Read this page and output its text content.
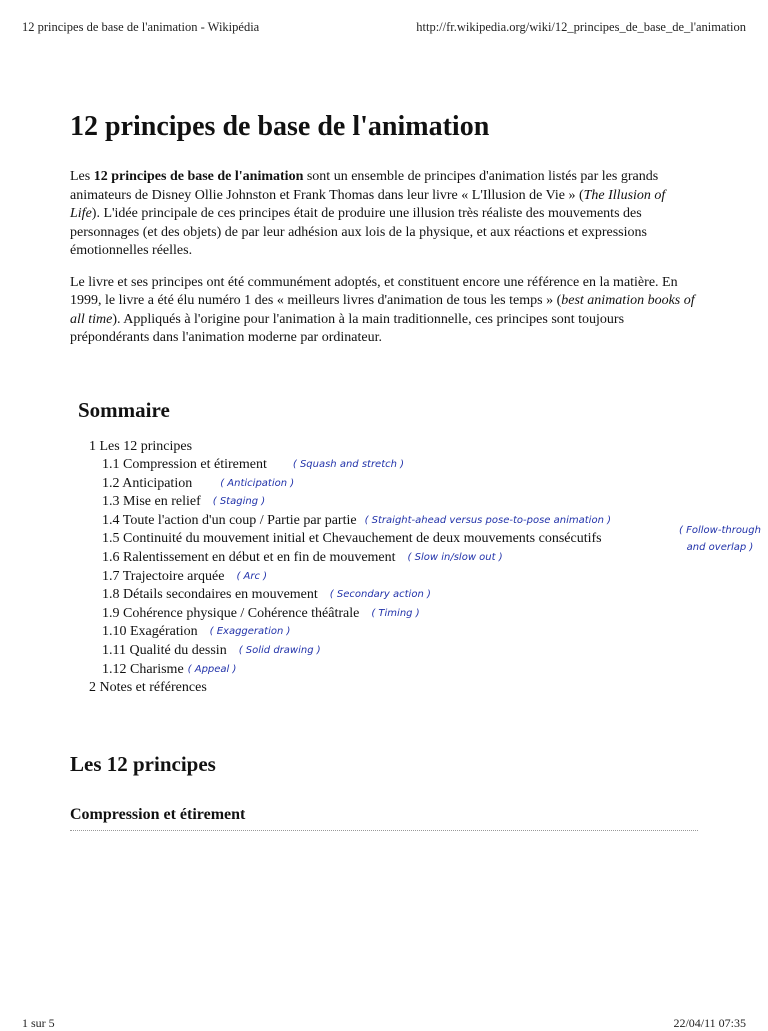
12 principes de base de l'animation - Wikipédia	http://fr.wikipedia.org/wiki/12_principes_de_base_de_l'animation
12 principes de base de l'animation

Les 12 principes de base de l'animation sont un ensemble de principes d'animation listés par les grands animateurs de Disney Ollie Johnston et Frank Thomas dans leur livre « L'Illusion de Vie » (The Illusion of Life). L'idée principale de ces principes était de produire une illusion très réaliste des mouvements des personnages (et des objets) de par leur adhésion aux lois de la physique, et aux réactions et expressions émotionnelles réelles.

Le livre et ses principes ont été communément adoptés, et constituent encore une référence en la matière. En 1999, le livre a été élu numéro 1 des « meilleurs livres d'animation de tous les temps » (best animation books of all time). Appliqués à l'origine pour l'animation à la main traditionnelle, ces principes sont toujours prépondérants dans l'animation moderne par ordinateur.

Sommaire
1 Les 12 principes
1.1 Compression et étirement	( Squash and stretch )
1.2 Anticipation	( Anticipation )
1.3 Mise en relief ( Staging )
1.4 Toute l'action d'un coup / Partie par partie ( Straight-ahead versus pose-to-pose animation )
1.5 Continuité du mouvement initial et Chevauchement de deux mouvements consécutifs
( Follow-through and overlap )
1.6 Ralentissement en début et en fin de mouvement ( Slow in/slow out )
1.7 Trajectoire arquée ( Arc )
1.8 Détails secondaires en mouvement ( Secondary action )
1.9 Cohérence physique / Cohérence théâtrale ( Timing )
1.10 Exagération ( Exaggeration )
1.11 Qualité du dessin ( Solid drawing )
1.12 Charisme ( Appeal )
2 Notes et références
Les 12 principes
Compression et étirement
1 sur 5	22/04/11 07:35
